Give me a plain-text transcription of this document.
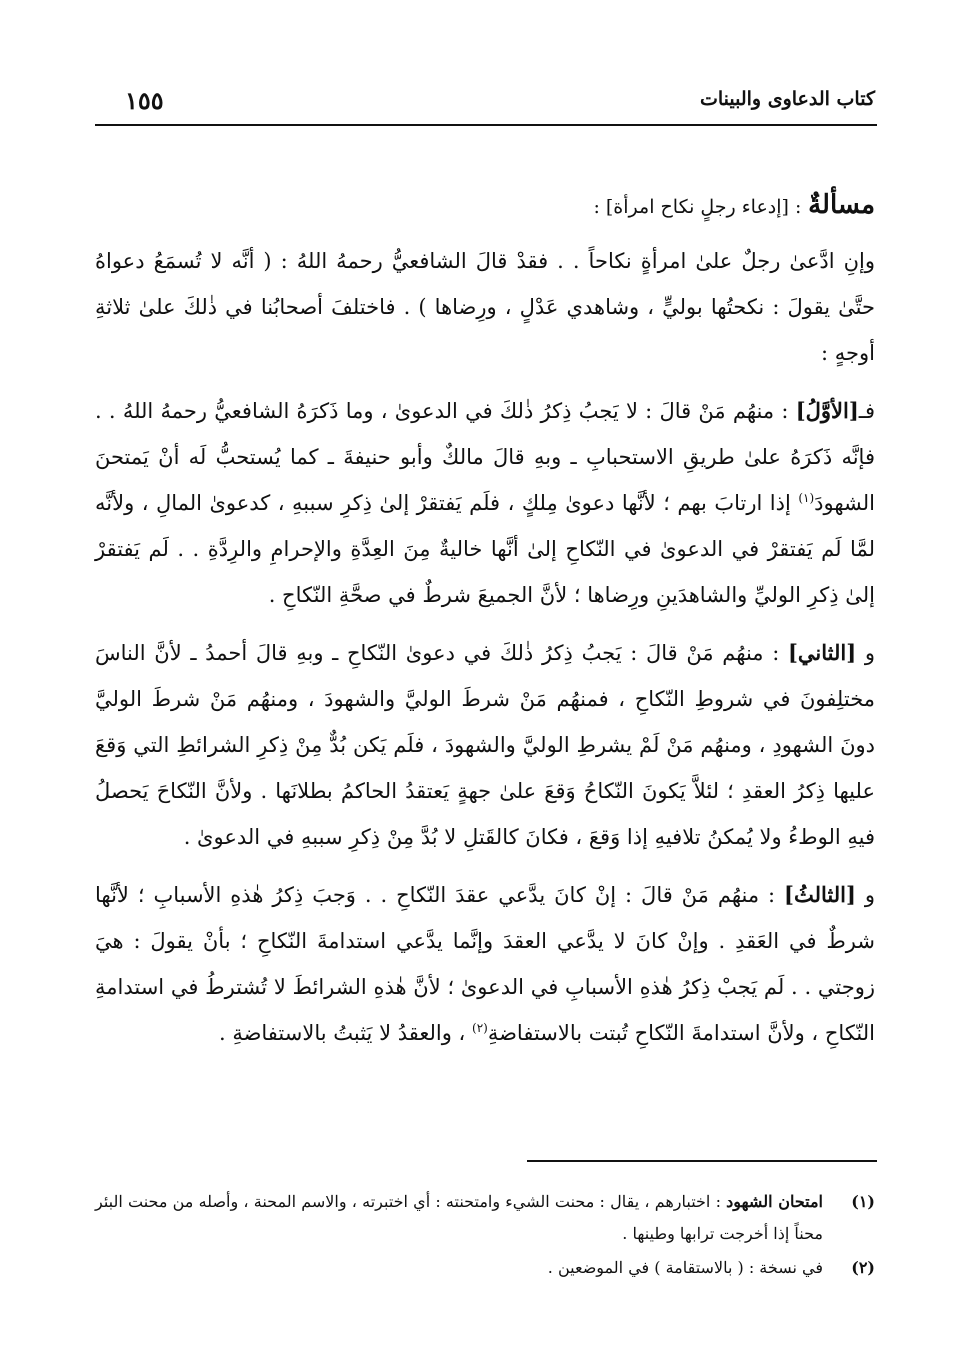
كتاب الدعاوى والبينات
١٥٥

مسألةٌ : [إدعاء رجلٍ نكاح امرأة] :

وإنِ ادَّعىٰ رجلٌ علىٰ امرأةٍ نكاحاً . . فقدْ قالَ الشافعيُّ رحمهُ اللهُ : ( أنَّه لا تُسمَعُ دعواهُ حتَّىٰ يقولَ : نكحتُها بوليٍّ ، وشاهدي عَدْلٍ ، ورِضاها ) . فاختلفَ أصحابُنا في ذٰلكَ علىٰ ثلاثةِ أوجهٍ :

فـ[الأوَّلُ] : منهُم مَنْ قالَ : لا يَجبُ ذِكرُ ذٰلكَ في الدعوىٰ ، وما ذَكرَهُ الشافعيُّ رحمهُ اللهُ . . فإنَّه ذَكرَهُ علىٰ طريقِ الاستحبابِ ـ وبهِ قالَ مالكٌ وأبو حنيفةَ ـ كما يُستحبُّ لَه أنْ يَمتحنَ الشهودَ$^{(١)}$ إذا ارتابَ بهم ؛ لأنَّها دعوىٰ مِلكٍ ، فلَم يَفتقرْ إلىٰ ذِكرِ سببهِ ، كدعوىٰ المالِ ، ولأنَّه لمَّا لَم يَفتقرْ في الدعوىٰ في النّكاحِ إلىٰ أنَّها خاليةٌ مِنَ العِدَّةِ والإحرامِ والرِدَّةِ . . لَم يَفتقرْ إلىٰ ذِكرِ الوليِّ والشاهدَينِ ورِضاها ؛ لأنَّ الجميعَ شرطٌ في صحَّةِ النّكاحِ .

و [الثاني] : منهُم مَنْ قالَ : يَجبُ ذِكرُ ذٰلكَ في دعوىٰ النّكاحِ ـ وبهِ قالَ أحمدُ ـ لأنَّ الناسَ مختلِفونَ في شروطِ النّكاحِ ، فمنهُم مَنْ شرطَ الوليَّ والشهودَ ، ومنهُم مَنْ شرطَ الوليَّ دونَ الشهودِ ، ومنهُم مَنْ لَمْ يشرطِ الوليَّ والشهودَ ، فلَم يَكن بُدٌّ مِنْ ذِكرِ الشرائطِ التي وَقعَ عليها ذِكرُ العقدِ ؛ لئلاَّ يَكونَ النّكاحُ وَقعَ علىٰ جهةٍ يَعتقدُ الحاكمُ بطلانَها . ولأنَّ النّكاحَ يَحصلُ فيهِ الوطءُ ولا يُمكنُ تلافيهِ إذا وَقعَ ، فكانَ كالقَتلِ لا بُدَّ مِنْ ذِكرِ سببهِ في الدعوىٰ .

و [الثالثُ] : منهُم مَنْ قالَ : إنْ كانَ يدَّعي عقدَ النّكاحِ . . وَجبَ ذِكرُ هٰذهِ الأسبابِ ؛ لأنَّها شرطٌ في العَقدِ . وإنْ كانَ لا يدَّعي العقدَ وإنَّما يدَّعي استدامةَ النّكاحِ ؛ بأنْ يقولَ : هيَ زوجتي . . لَم يَجبْ ذِكرُ هٰذهِ الأسبابِ في الدعوىٰ ؛ لأنَّ هٰذهِ الشرائطَ لا تُشترطُ في استدامةِ النّكاحِ ، ولأنَّ استدامةَ النّكاحِ تُبتت بالاستفاضةِ$^{(٢)}$ ، والعقدُ لا يَثبتُ بالاستفاضةِ .

(١)
امتحان الشهود : اختبارهم ، يقال : محنت الشيء وامتحنته : أي اختبرته ، والاسم المحنة ، وأصله من محنت البئر محناً إذا أخرجت ترابها وطينها .

(٢)
في نسخة : ( بالاستقامة ) في الموضعين .
